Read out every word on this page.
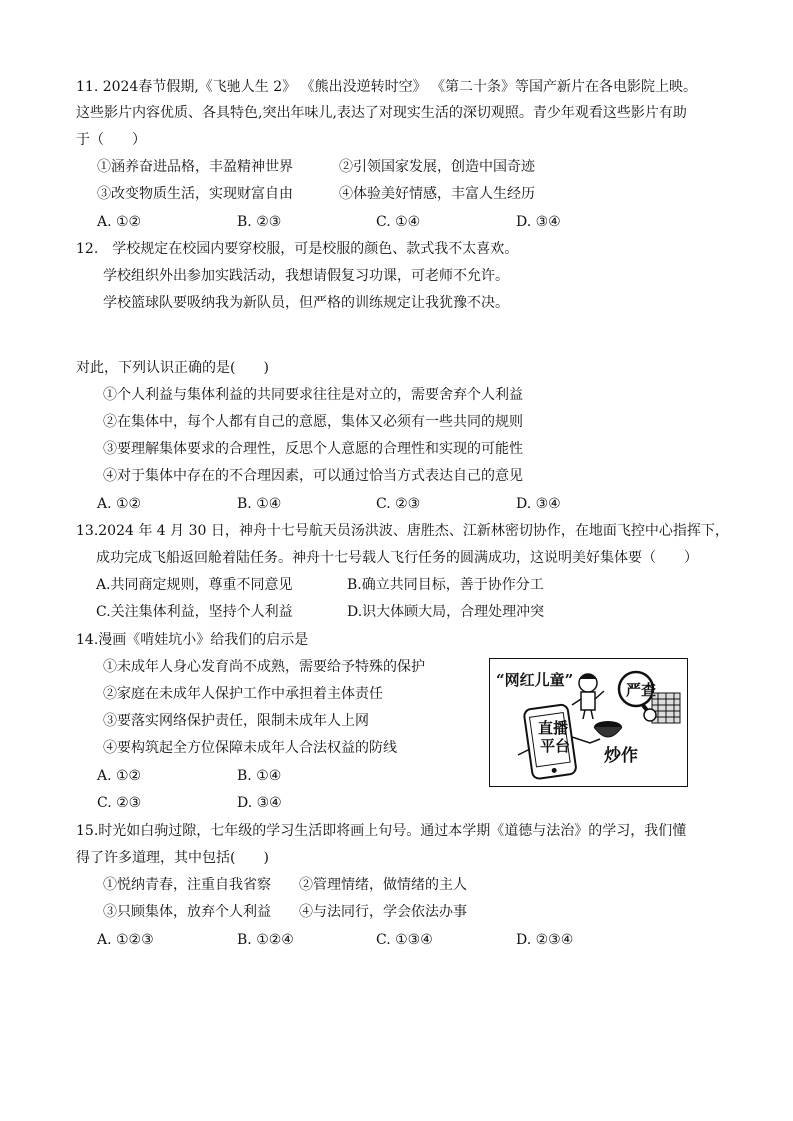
11. 2024春节假期,《飞驰人生 2》 《熊出没逆转时空》 《第二十条》等国产新片在各电影院上映。
这些影片内容优质、各具特色,突出年味儿,表达了对现实生活的深切观照。青少年观看这些影片有助
于（　　）
①涵养奋进品格，丰盈精神世界	②引领国家发展，创造中国奇迹
③改变物质生活，实现财富自由	④体验美好情感，丰富人生经历
A. ①②	B. ②③	C. ①④	D. ③④
12.　学校规定在校园内要穿校服，可是校服的颜色、款式我不太喜欢。
学校组织外出参加实践活动，我想请假复习功课，可老师不允许。
学校篮球队要吸纳我为新队员，但严格的训练规定让我犹豫不决。
对此，下列认识正确的是(　　)
①个人利益与集体利益的共同要求往往是对立的，需要舍弃个人利益
②在集体中，每个人都有自己的意愿，集体又必须有一些共同的规则
③要理解集体要求的合理性，反思个人意愿的合理性和实现的可能性
④对于集体中存在的不合理因素，可以通过恰当方式表达自己的意见
A. ①②	B. ①④	C. ②③	D. ③④
13.2024 年 4 月 30 日，神舟十七号航天员汤洪波、唐胜杰、江新林密切协作，在地面飞控中心指挥下，
成功完成飞船返回舱着陆任务。神舟十七号载人飞行任务的圆满成功，这说明美好集体要（　　）
A.共同商定规则，尊重不同意见	B.确立共同目标，善于协作分工
C.关注集体利益，坚持个人利益	D.识大体顾大局，合理处理冲突
14.漫画《啃娃坑小》给我们的启示是
①未成年人身心发育尚不成熟，需要给予特殊的保护
②家庭在未成年人保护工作中承担着主体责任
③要落实网络保护责任，限制未成年人上网
④要构筑起全方位保障未成年人合法权益的防线
A. ①②	B. ①④
C. ②③	D. ③④
“网红儿童”
严查
直播
平台 炒作
15.时光如白驹过隙，七年级的学习生活即将画上句号。通过本学期《道德与法治》的学习，我们懂
得了许多道理，其中包括(　　)
①悦纳青春，注重自我省察　　②管理情绪，做情绪的主人
③只顾集体，放弃个人利益　　④与法同行，学会依法办事
A. ①②③	B. ①②④	C. ①③④	D. ②③④
